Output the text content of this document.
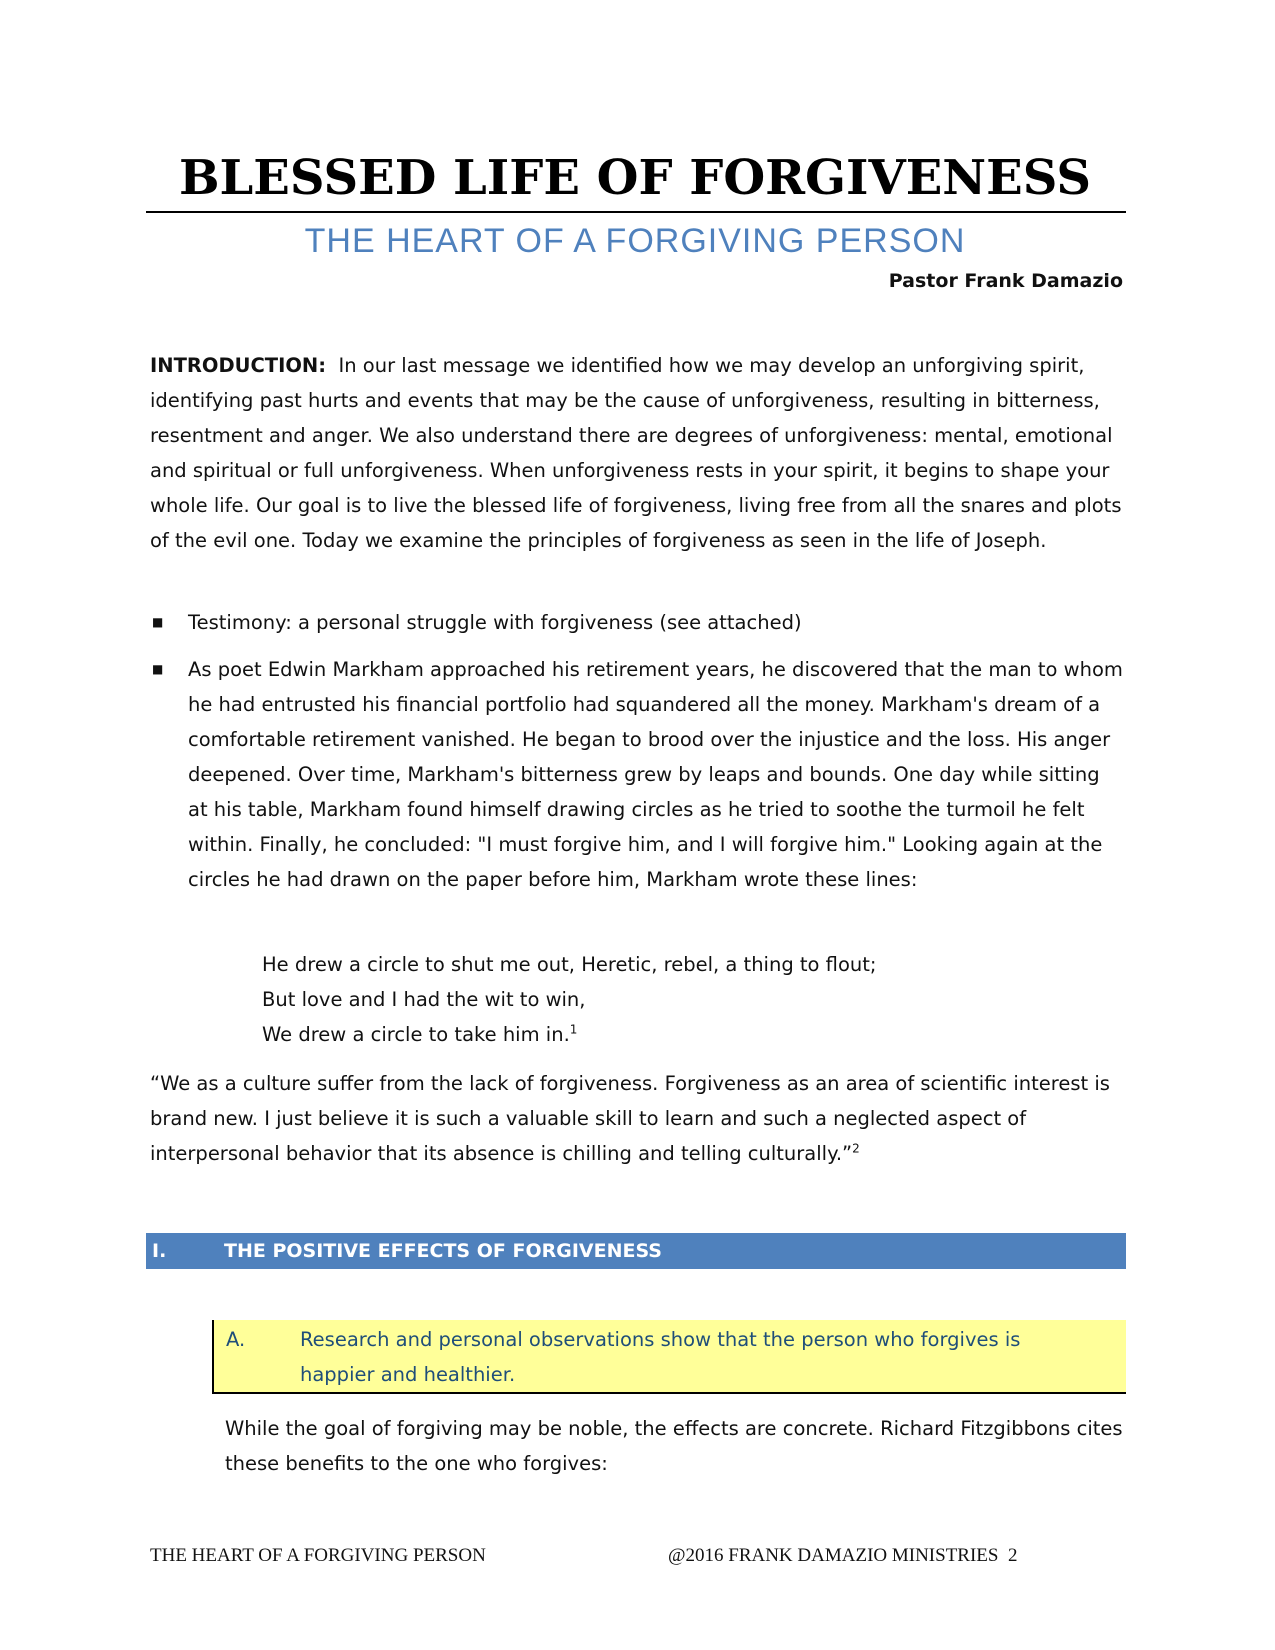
BLESSED LIFE OF FORGIVENESS
THE HEART OF A FORGIVING PERSON
Pastor Frank Damazio
INTRODUCTION: In our last message we identified how we may develop an unforgiving spirit, identifying past hurts and events that may be the cause of unforgiveness, resulting in bitterness, resentment and anger. We also understand there are degrees of unforgiveness: mental, emotional and spiritual or full unforgiveness. When unforgiveness rests in your spirit, it begins to shape your whole life. Our goal is to live the blessed life of forgiveness, living free from all the snares and plots of the evil one. Today we examine the principles of forgiveness as seen in the life of Joseph.
■ Testimony: a personal struggle with forgiveness (see attached)
■ As poet Edwin Markham approached his retirement years, he discovered that the man to whom he had entrusted his financial portfolio had squandered all the money. Markham's dream of a comfortable retirement vanished. He began to brood over the injustice and the loss. His anger deepened. Over time, Markham's bitterness grew by leaps and bounds. One day while sitting at his table, Markham found himself drawing circles as he tried to soothe the turmoil he felt within. Finally, he concluded: "I must forgive him, and I will forgive him." Looking again at the circles he had drawn on the paper before him, Markham wrote these lines:
He drew a circle to shut me out, Heretic, rebel, a thing to flout;
But love and I had the wit to win,
We drew a circle to take him in.$^1$
“We as a culture suffer from the lack of forgiveness. Forgiveness as an area of scientific interest is brand new. I just believe it is such a valuable skill to learn and such a neglected aspect of interpersonal behavior that its absence is chilling and telling culturally.”$^2$
I.	THE POSITIVE EFFECTS OF FORGIVENESS
A.	Research and personal observations show that the person who forgives is happier and healthier.
While the goal of forgiving may be noble, the effects are concrete. Richard Fitzgibbons cites these benefits to the one who forgives:
THE HEART OF A FORGIVING PERSON	@2016 FRANK DAMAZIO MINISTRIES 2
